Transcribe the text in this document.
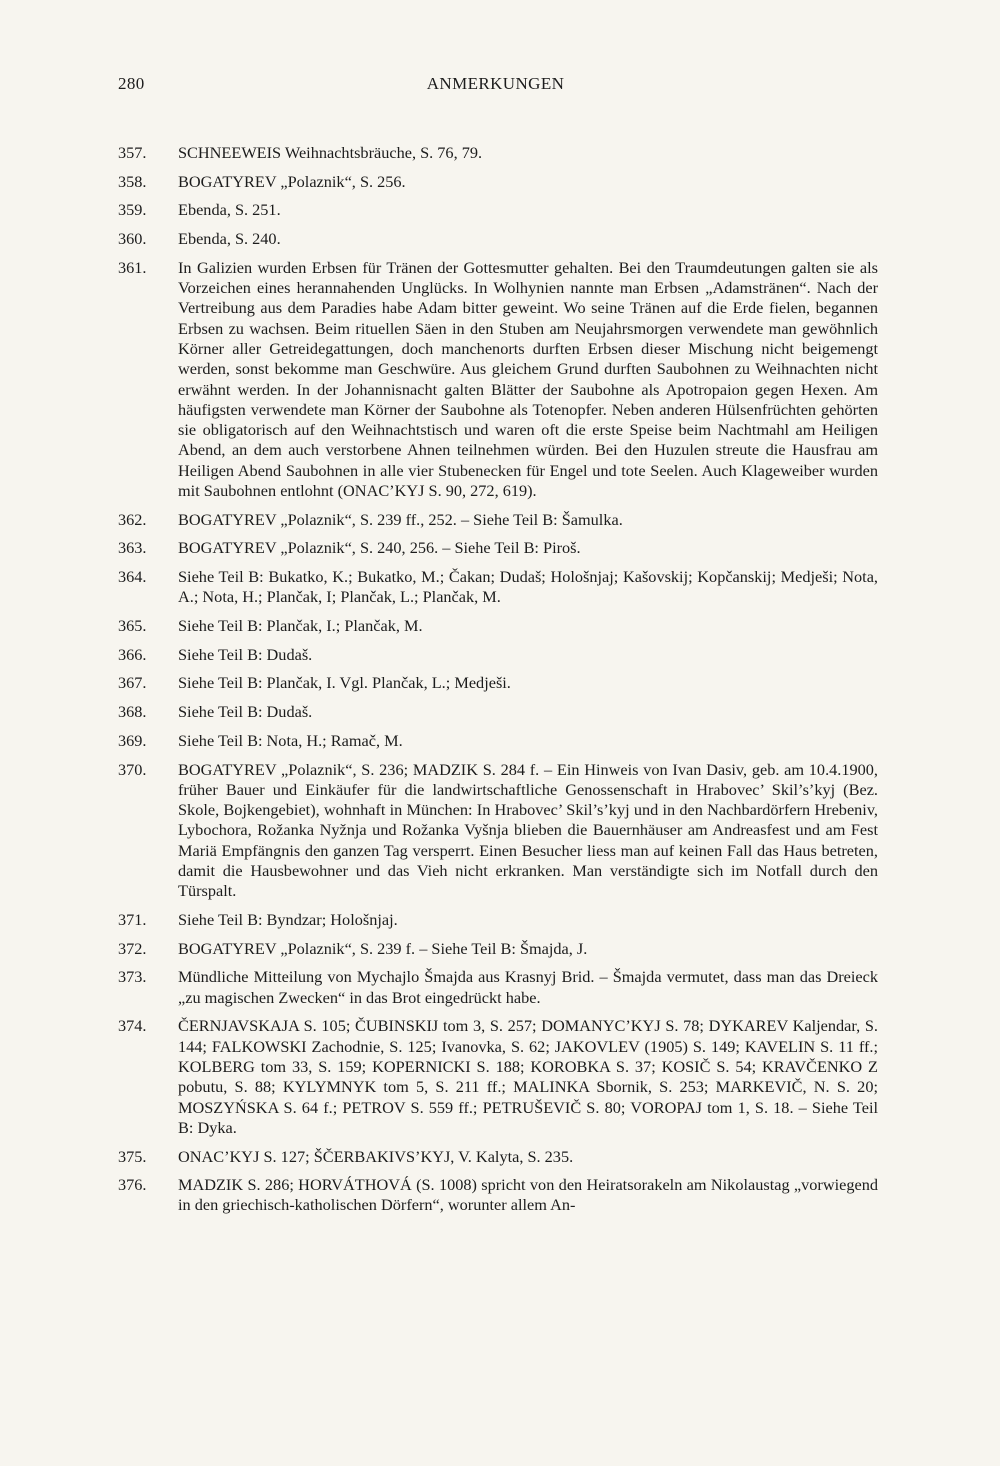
280	ANMERKUNGEN
357. SCHNEEWEIS Weihnachtsbräuche, S. 76, 79.
358. BOGATYREV „Polaznik“, S. 256.
359. Ebenda, S. 251.
360. Ebenda, S. 240.
361. In Galizien wurden Erbsen für Tränen der Gottesmutter gehalten. Bei den Traumdeutungen galten sie als Vorzeichen eines herannahenden Unglücks. In Wolhynien nannte man Erbsen „Adamstränen“. Nach der Vertreibung aus dem Paradies habe Adam bitter geweint. Wo seine Tränen auf die Erde fielen, begannen Erbsen zu wachsen. Beim rituellen Säen in den Stuben am Neujahrsmorgen verwendete man gewöhnlich Körner aller Getreidegattungen, doch manchenorts durften Erbsen dieser Mischung nicht beigemengt werden, sonst bekomme man Geschwüre. Aus gleichem Grund durften Saubohnen zu Weihnachten nicht erwähnt werden. In der Johannisnacht galten Blätter der Saubohne als Apotropaion gegen Hexen. Am häufigsten verwendete man Körner der Saubohne als Totenopfer. Neben anderen Hülsenfrüchten gehörten sie obligatorisch auf den Weihnachtstisch und waren oft die erste Speise beim Nachtmahl am Heiligen Abend, an dem auch verstorbene Ahnen teilnehmen würden. Bei den Huzulen streute die Hausfrau am Heiligen Abend Saubohnen in alle vier Stubenecken für Engel und tote Seelen. Auch Klageweiber wurden mit Saubohnen entlohnt (ONAC’KYJ S. 90, 272, 619).
362. BOGATYREV „Polaznik“, S. 239 ff., 252. – Siehe Teil B: Šamulka.
363. BOGATYREV „Polaznik“, S. 240, 256. – Siehe Teil B: Piroš.
364. Siehe Teil B: Bukatko, K.; Bukatko, M.; Čakan; Dudaš; Hološnjaj; Kašovskij; Kopčanskij; Medješi; Nota, A.; Nota, H.; Plančak, I; Plančak, L.; Plančak, M.
365. Siehe Teil B: Plančak, I.; Plančak, M.
366. Siehe Teil B: Dudaš.
367. Siehe Teil B: Plančak, I. Vgl. Plančak, L.; Medješi.
368. Siehe Teil B: Dudaš.
369. Siehe Teil B: Nota, H.; Ramač, M.
370. BOGATYREV „Polaznik“, S. 236; MADZIK S. 284 f. – Ein Hinweis von Ivan Dasiv, geb. am 10.4.1900, früher Bauer und Einkäufer für die landwirtschaftliche Genossenschaft in Hrabovec’ Skil’s’kyj (Bez. Skole, Bojkengebiet), wohnhaft in München: In Hrabovec’ Skil’s’kyj und in den Nachbardörfern Hrebeniv, Lybochora, Rožanka Nyžnja und Rožanka Vyšnja blieben die Bauernhäuser am Andreasfest und am Fest Mariä Empfängnis den ganzen Tag versperrt. Einen Besucher liess man auf keinen Fall das Haus betreten, damit die Hausbewohner und das Vieh nicht erkranken. Man verständigte sich im Notfall durch den Türspalt.
371. Siehe Teil B: Byndzar; Hološnjaj.
372. BOGATYREV „Polaznik“, S. 239 f. – Siehe Teil B: Šmajda, J.
373. Mündliche Mitteilung von Mychajlo Šmajda aus Krasnyj Brid. – Šmajda vermutet, dass man das Dreieck „zu magischen Zwecken“ in das Brot eingedrückt habe.
374. ČERNJAVSKAJA S. 105; ČUBINSKIJ tom 3, S. 257; DOMANYC’KYJ S. 78; DYKAREV Kaljendar, S. 144; FALKOWSKI Zachodnie, S. 125; Ivanovka, S. 62; JAKOVLEV (1905) S. 149; KAVELIN S. 11 ff.; KOLBERG tom 33, S. 159; KOPERNICKI S. 188; KOROBKA S. 37; KOSIČ S. 54; KRAVČENKO Z pobutu, S. 88; KYLYMNYK tom 5, S. 211 ff.; MALINKA Sbornik, S. 253; MARKEVIČ, N. S. 20; MOSZYŃSKA S. 64 f.; PETROV S. 559 ff.; PETRUŠEVIČ S. 80; VOROPAJ tom 1, S. 18. – Siehe Teil B: Dyka.
375. ONAC’KYJ S. 127; ŠČERBAKIVS’KYJ, V. Kalyta, S. 235.
376. MADZIK S. 286; HORVÁTHOVÁ (S. 1008) spricht von den Heiratsorakeln am Nikolaustag „vorwiegend in den griechisch-katholischen Dörfern“, worunter allem An-
